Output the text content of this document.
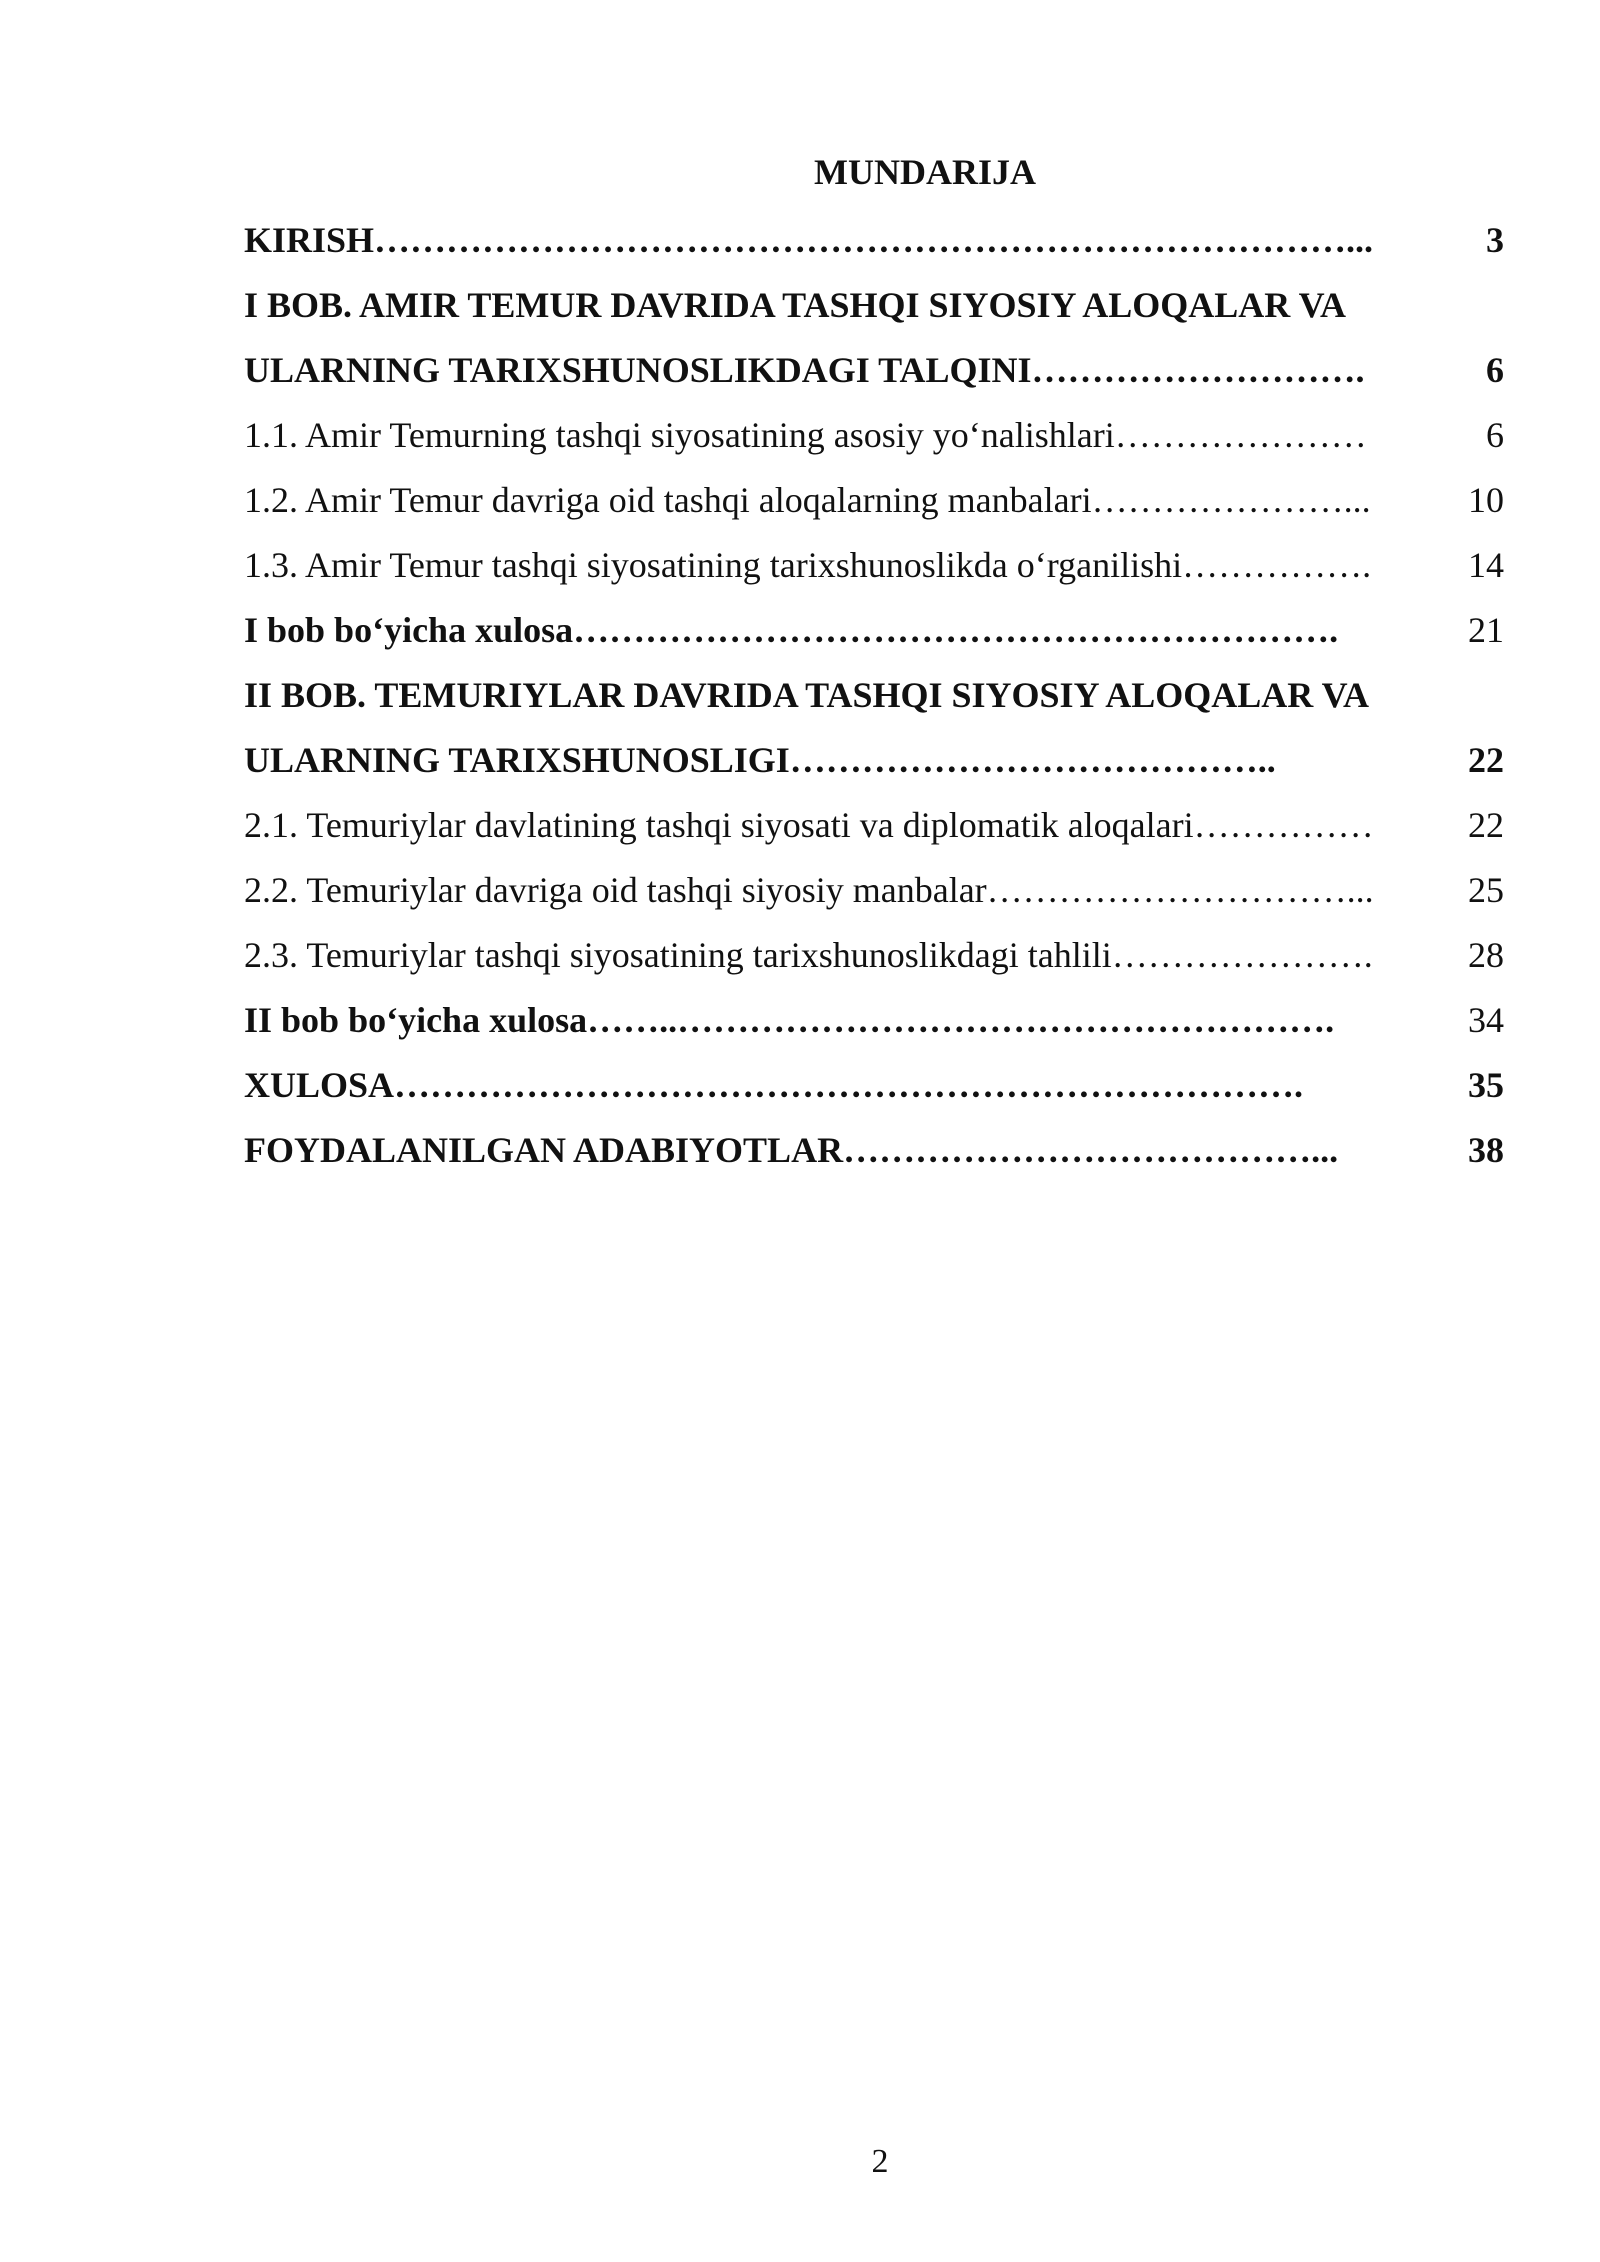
MUNDARIJA
KIRISH………………………………………………………………………...	3
I BOB. AMIR TEMUR DAVRIDA TASHQI SIYOSIY ALOQALAR VA	
ULARNING TARIXSHUNOSLIKDAGI TALQINI……………………….	6
1.1. Amir Temurning tashqi siyosatining asosiy yoʻnalishlari…………………	6
1.2. Amir Temur davriga oid tashqi aloqalarning manbalari…………………...	10
1.3. Amir Temur tashqi siyosatining tarixshunoslikda oʻrganilishi…………….	14
I bob boʻyicha xulosa……………………………………………………….	21
II BOB. TEMURIYLAR DAVRIDA TASHQI SIYOSIY ALOQALAR VA	
ULARNING TARIXSHUNOSLIGI…………………………………..	22
2.1. Temuriylar davlatining tashqi siyosati va diplomatik aloqalari……………	22
2.2. Temuriylar davriga oid tashqi siyosiy manbalar…………………………...	25
2.3. Temuriylar tashqi siyosatining tarixshunoslikdagi tahlili………………….	28
II bob boʻyicha xulosa……..……………………………………………….	34
XULOSA………………………………………………………………….	35
FOYDALANILGAN ADABIYOTLAR…………………………………...	38
2
